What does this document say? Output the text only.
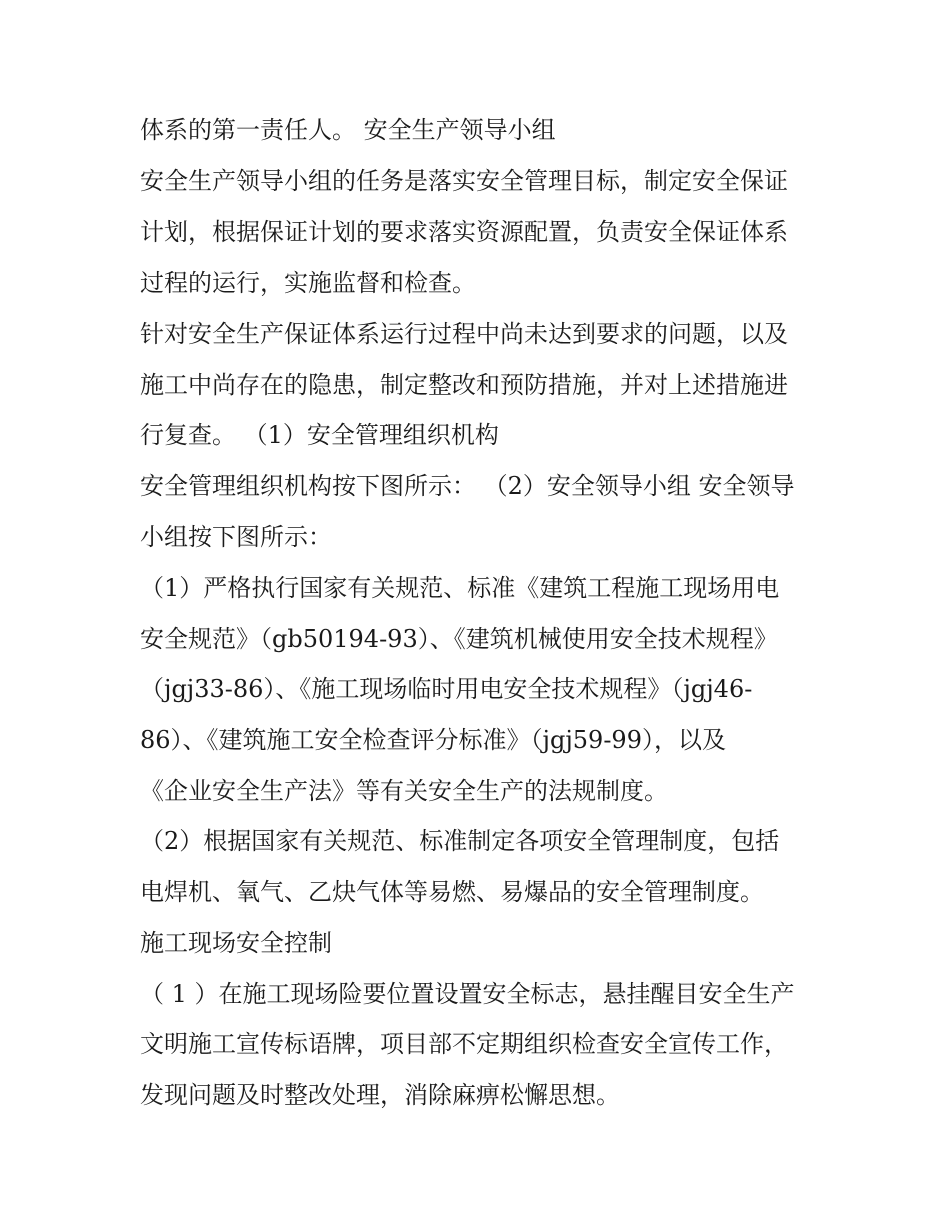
体系的第一责任人。 安全生产领导小组
安全生产领导小组的任务是落实安全管理目标，制定安全保证
计划，根据保证计划的要求落实资源配置，负责安全保证体系
过程的运行，实施监督和检查。
针对安全生产保证体系运行过程中尚未达到要求的问题，以及
施工中尚存在的隐患，制定整改和预防措施，并对上述措施进
行复查。 （1）安全管理组织机构
安全管理组织机构按下图所示： （2）安全领导小组 安全领导
小组按下图所示：
（1）严格执行国家有关规范、标准《建筑工程施工现场用电
安全规范》（gb50194-93）、《建筑机械使用安全技术规程》
（jgj33-86）、《施工现场临时用电安全技术规程》（jgj46-
86）、《建筑施工安全检查评分标准》（jgj59-99），以及
《企业安全生产法》等有关安全生产的法规制度。
（2）根据国家有关规范、标准制定各项安全管理制度，包括
电焊机、氧气、乙炔气体等易燃、易爆品的安全管理制度。
施工现场安全控制
（ 1 ）在施工现场险要位置设置安全标志，悬挂醒目安全生产
文明施工宣传标语牌，项目部不定期组织检查安全宣传工作，
发现问题及时整改处理，消除麻痹松懈思想。
